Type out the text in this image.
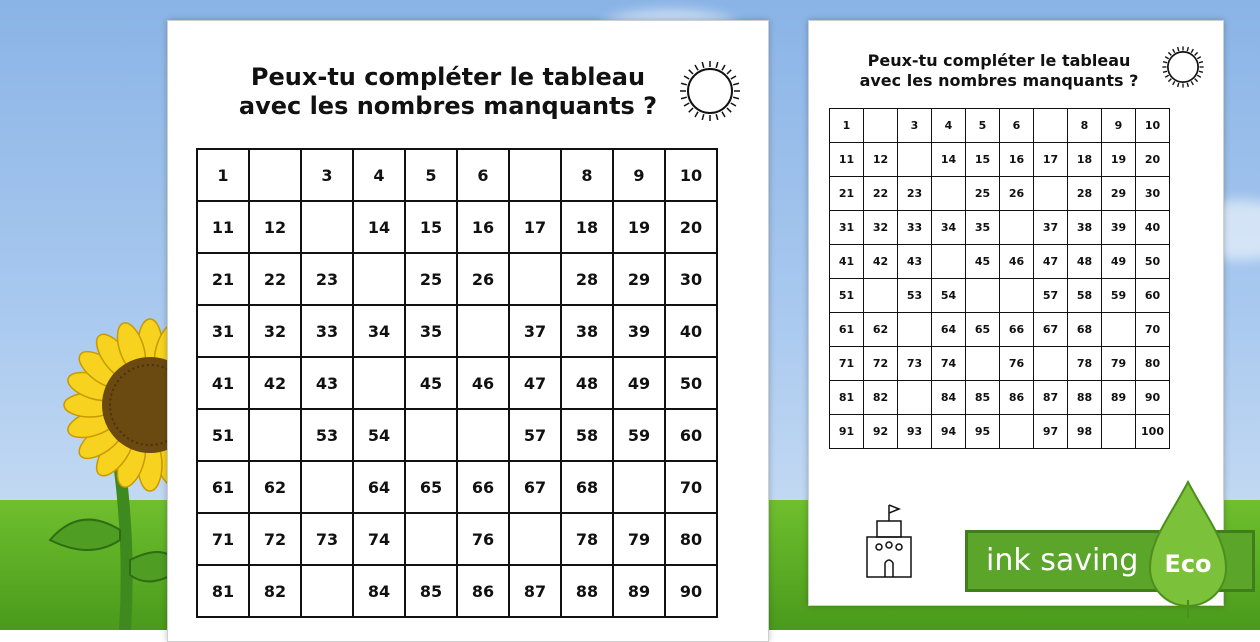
Peux-tu compléter le tableau
avec les nombres manquants ?
1		3	4	5	6		8	9	10
11	12		14	15	16	17	18	19	20
21	22	23		25	26		28	29	30
31	32	33	34	35		37	38	39	40
41	42	43		45	46	47	48	49	50
51		53	54			57	58	59	60
61	62		64	65	66	67	68		70
71	72	73	74		76		78	79	80
81	82		84	85	86	87	88	89	90
Peux-tu compléter le tableau
avec les nombres manquants ?
1		3	4	5	6		8	9	10
11	12		14	15	16	17	18	19	20
21	22	23		25	26		28	29	30
31	32	33	34	35		37	38	39	40
41	42	43		45	46	47	48	49	50
51		53	54			57	58	59	60
61	62		64	65	66	67	68		70
71	72	73	74		76		78	79	80
81	82		84	85	86	87	88	89	90
91	92	93	94	95		97	98		100
ink saving Eco
